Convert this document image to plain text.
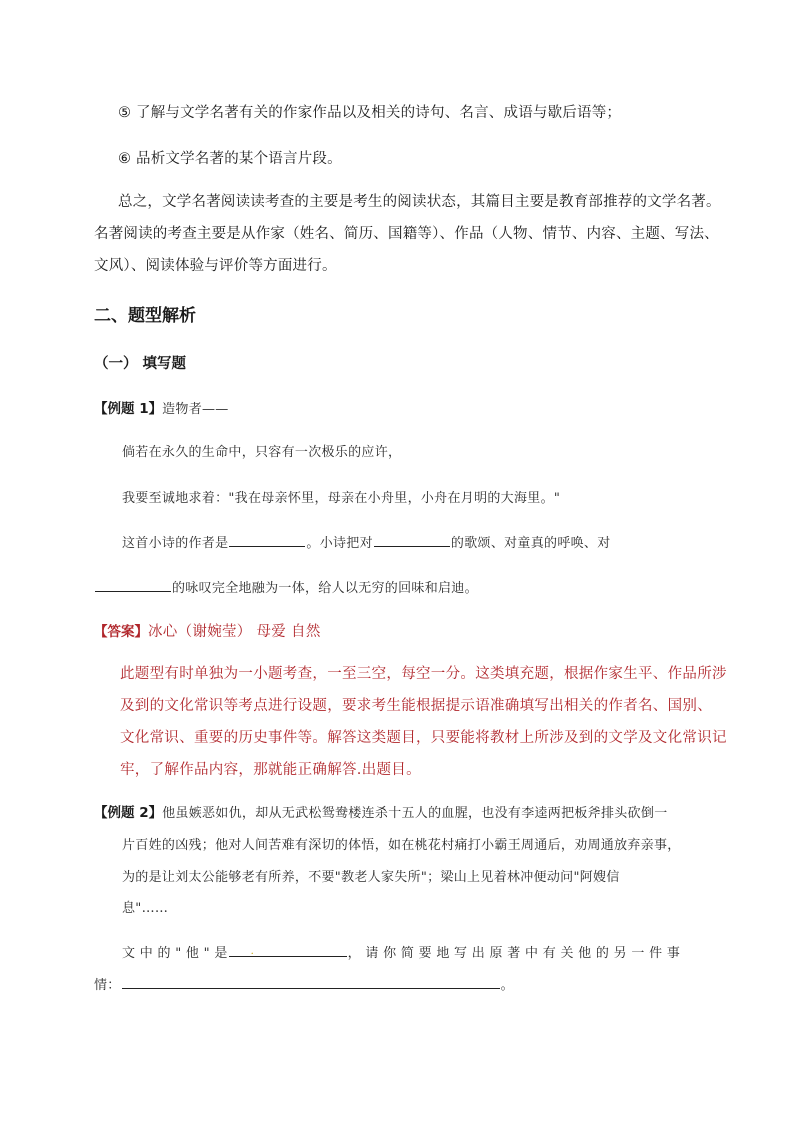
⑤ 了解与文学名著有关的作家作品以及相关的诗句、名言、成语与歇后语等；
⑥ 品析文学名著的某个语言片段。
总之，文学名著阅读读考查的主要是考生的阅读状态，其篇目主要是教育部推荐的文学名著。
名著阅读的考查主要是从作家（姓名、简历、国籍等）、作品（人物、情节、内容、主题、写法、
文风）、阅读体验与评价等方面进行。
二、题型解析
（一） 填写题
【例题 1】造物者——
倘若在永久的生命中，只容有一次极乐的应许，
我要至诚地求着："我在母亲怀里，母亲在小舟里，小舟在月明的大海里。"
这首小诗的作者是	。小诗把对	的歌颂、对童真的呼唤、对
的咏叹完全地融为一体，给人以无穷的回味和启迪。
【答案】冰心（谢婉莹） 母爱 自然
此题型有时单独为一小题考查，一至三空，每空一分。这类填充题，根据作家生平、作品所涉
及到的文化常识等考点进行设题，要求考生能根据提示语准确填写出相关的作者名、国别、
文化常识、重要的历史事件等。解答这类题目，只要能将教材上所涉及到的文学及文化常识记
牢，了解作品内容，那就能正确解答.出题目。
【例题 2】他虽嫉恶如仇，却从无武松鸳鸯楼连杀十五人的血腥，也没有李逵两把板斧排头砍倒一
片百姓的凶残；他对人间苦难有深切的体悟，如在桃花村痛打小霸王周通后，劝周通放弃亲事，
为的是让刘太公能够老有所养，不要"教老人家失所"；梁山上见着林冲便动问"阿嫂信
息"……
文 中 的 " 他 " 是 .	， 请 你 简 要 地 写 出 原 著 中 有 关 他 的 另 一 件 事
情：	。
